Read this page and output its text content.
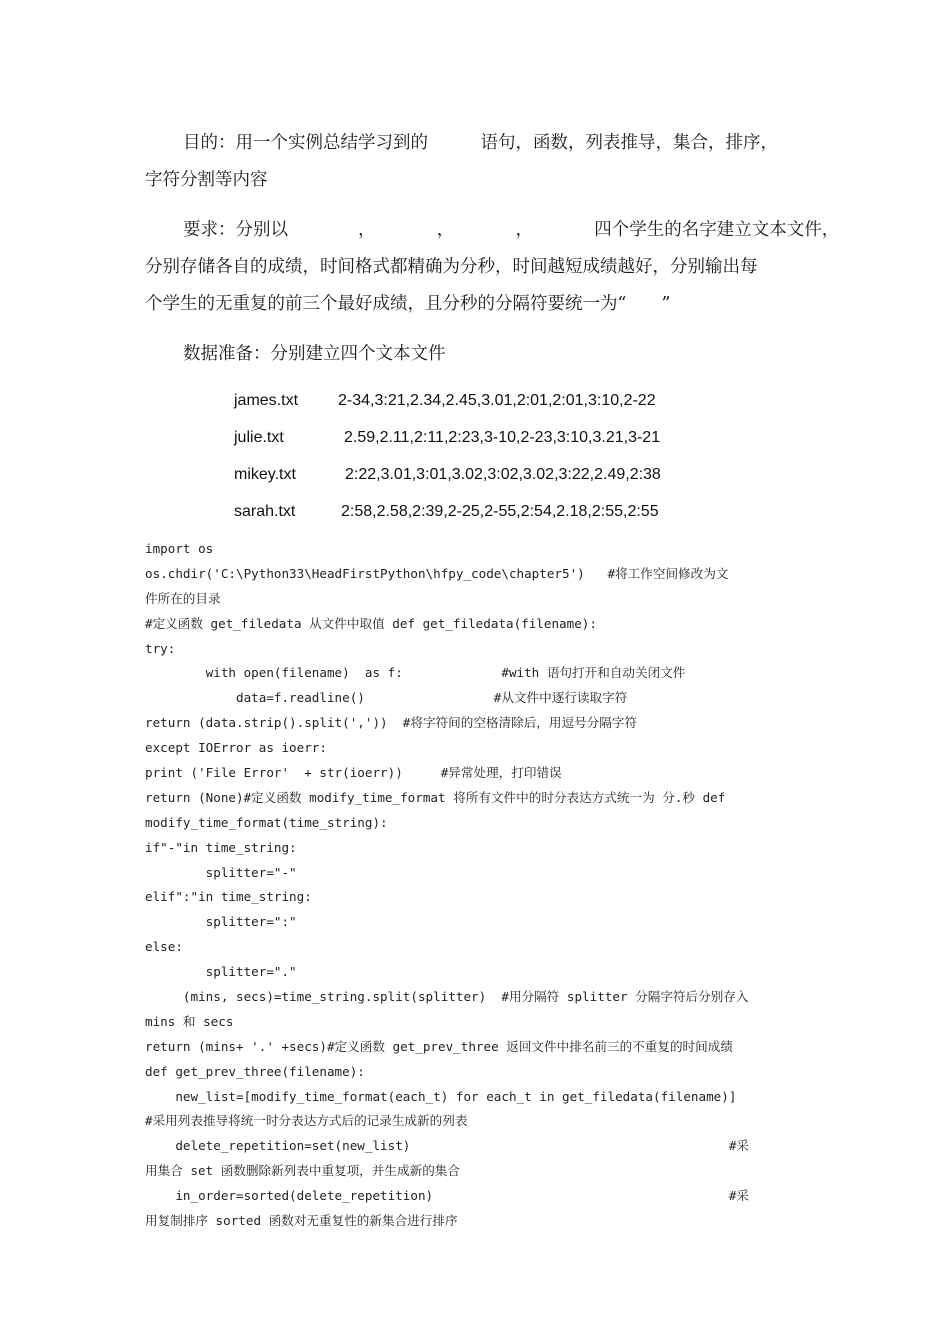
目的：用一个实例总结学习到的　　　语句，函数，列表推导，集合，排序，

字符分割等内容

要求：分别以　　　　，　　　　，　　　　，　　　　四个学生的名字建立文本文件，

分别存储各自的成绩，时间格式都精确为分秒，时间越短成绩越好，分别输出每

个学生的无重复的前三个最好成绩，且分秒的分隔符要统一为“　　”

数据准备：分别建立四个文本文件

james.txt 2-34,3:21,2.34,2.45,3.01,2:01,2:01,3:10,2-22
julie.txt	2.59,2.11,2:11,2:23,3-10,2-23,3:10,3.21,3-21
mikey.txt	2:22,3.01,3:01,3.02,3:02,3.02,3:22,2.49,2:38
sarah.txt	2:58,2.58,2:39,2-25,2-55,2:54,2.18,2:55,2:55
import os
os.chdir('C:\Python33\HeadFirstPython\hfpy_code\chapter5')   #将工作空间修改为文
件所在的目录
#定义函数 get_filedata 从文件中取值 def get_filedata(filename):
try:
with open(filename)  as f:             #with 语句打开和自动关闭文件
data=f.readline()                 #从文件中逐行读取字符
return (data.strip().split(','))  #将字符间的空格清除后，用逗号分隔字符
except IOError as ioerr:
print ('File Error'  + str(ioerr))     #异常处理，打印错误
return (None)#定义函数 modify_time_format 将所有文件中的时分表达方式统一为 分.秒 def
modify_time_format(time_string):
if"-"in time_string:
splitter="-"
elif":"in time_string:
splitter=":"
else:
splitter="."
(mins, secs)=time_string.split(splitter)  #用分隔符 splitter 分隔字符后分别存入
mins 和 secs
return (mins+ '.' +secs)#定义函数 get_prev_three 返回文件中排名前三的不重复的时间成绩
def get_prev_three(filename):
new_list=[modify_time_format(each_t) for each_t in get_filedata(filename)]
#采用列表推导将统一时分表达方式后的记录生成新的列表
delete_repetition=set(new_list)                                          #采
用集合 set 函数删除新列表中重复项，并生成新的集合
in_order=sorted(delete_repetition)                                       #采
用复制排序 sorted 函数对无重复性的新集合进行排序
